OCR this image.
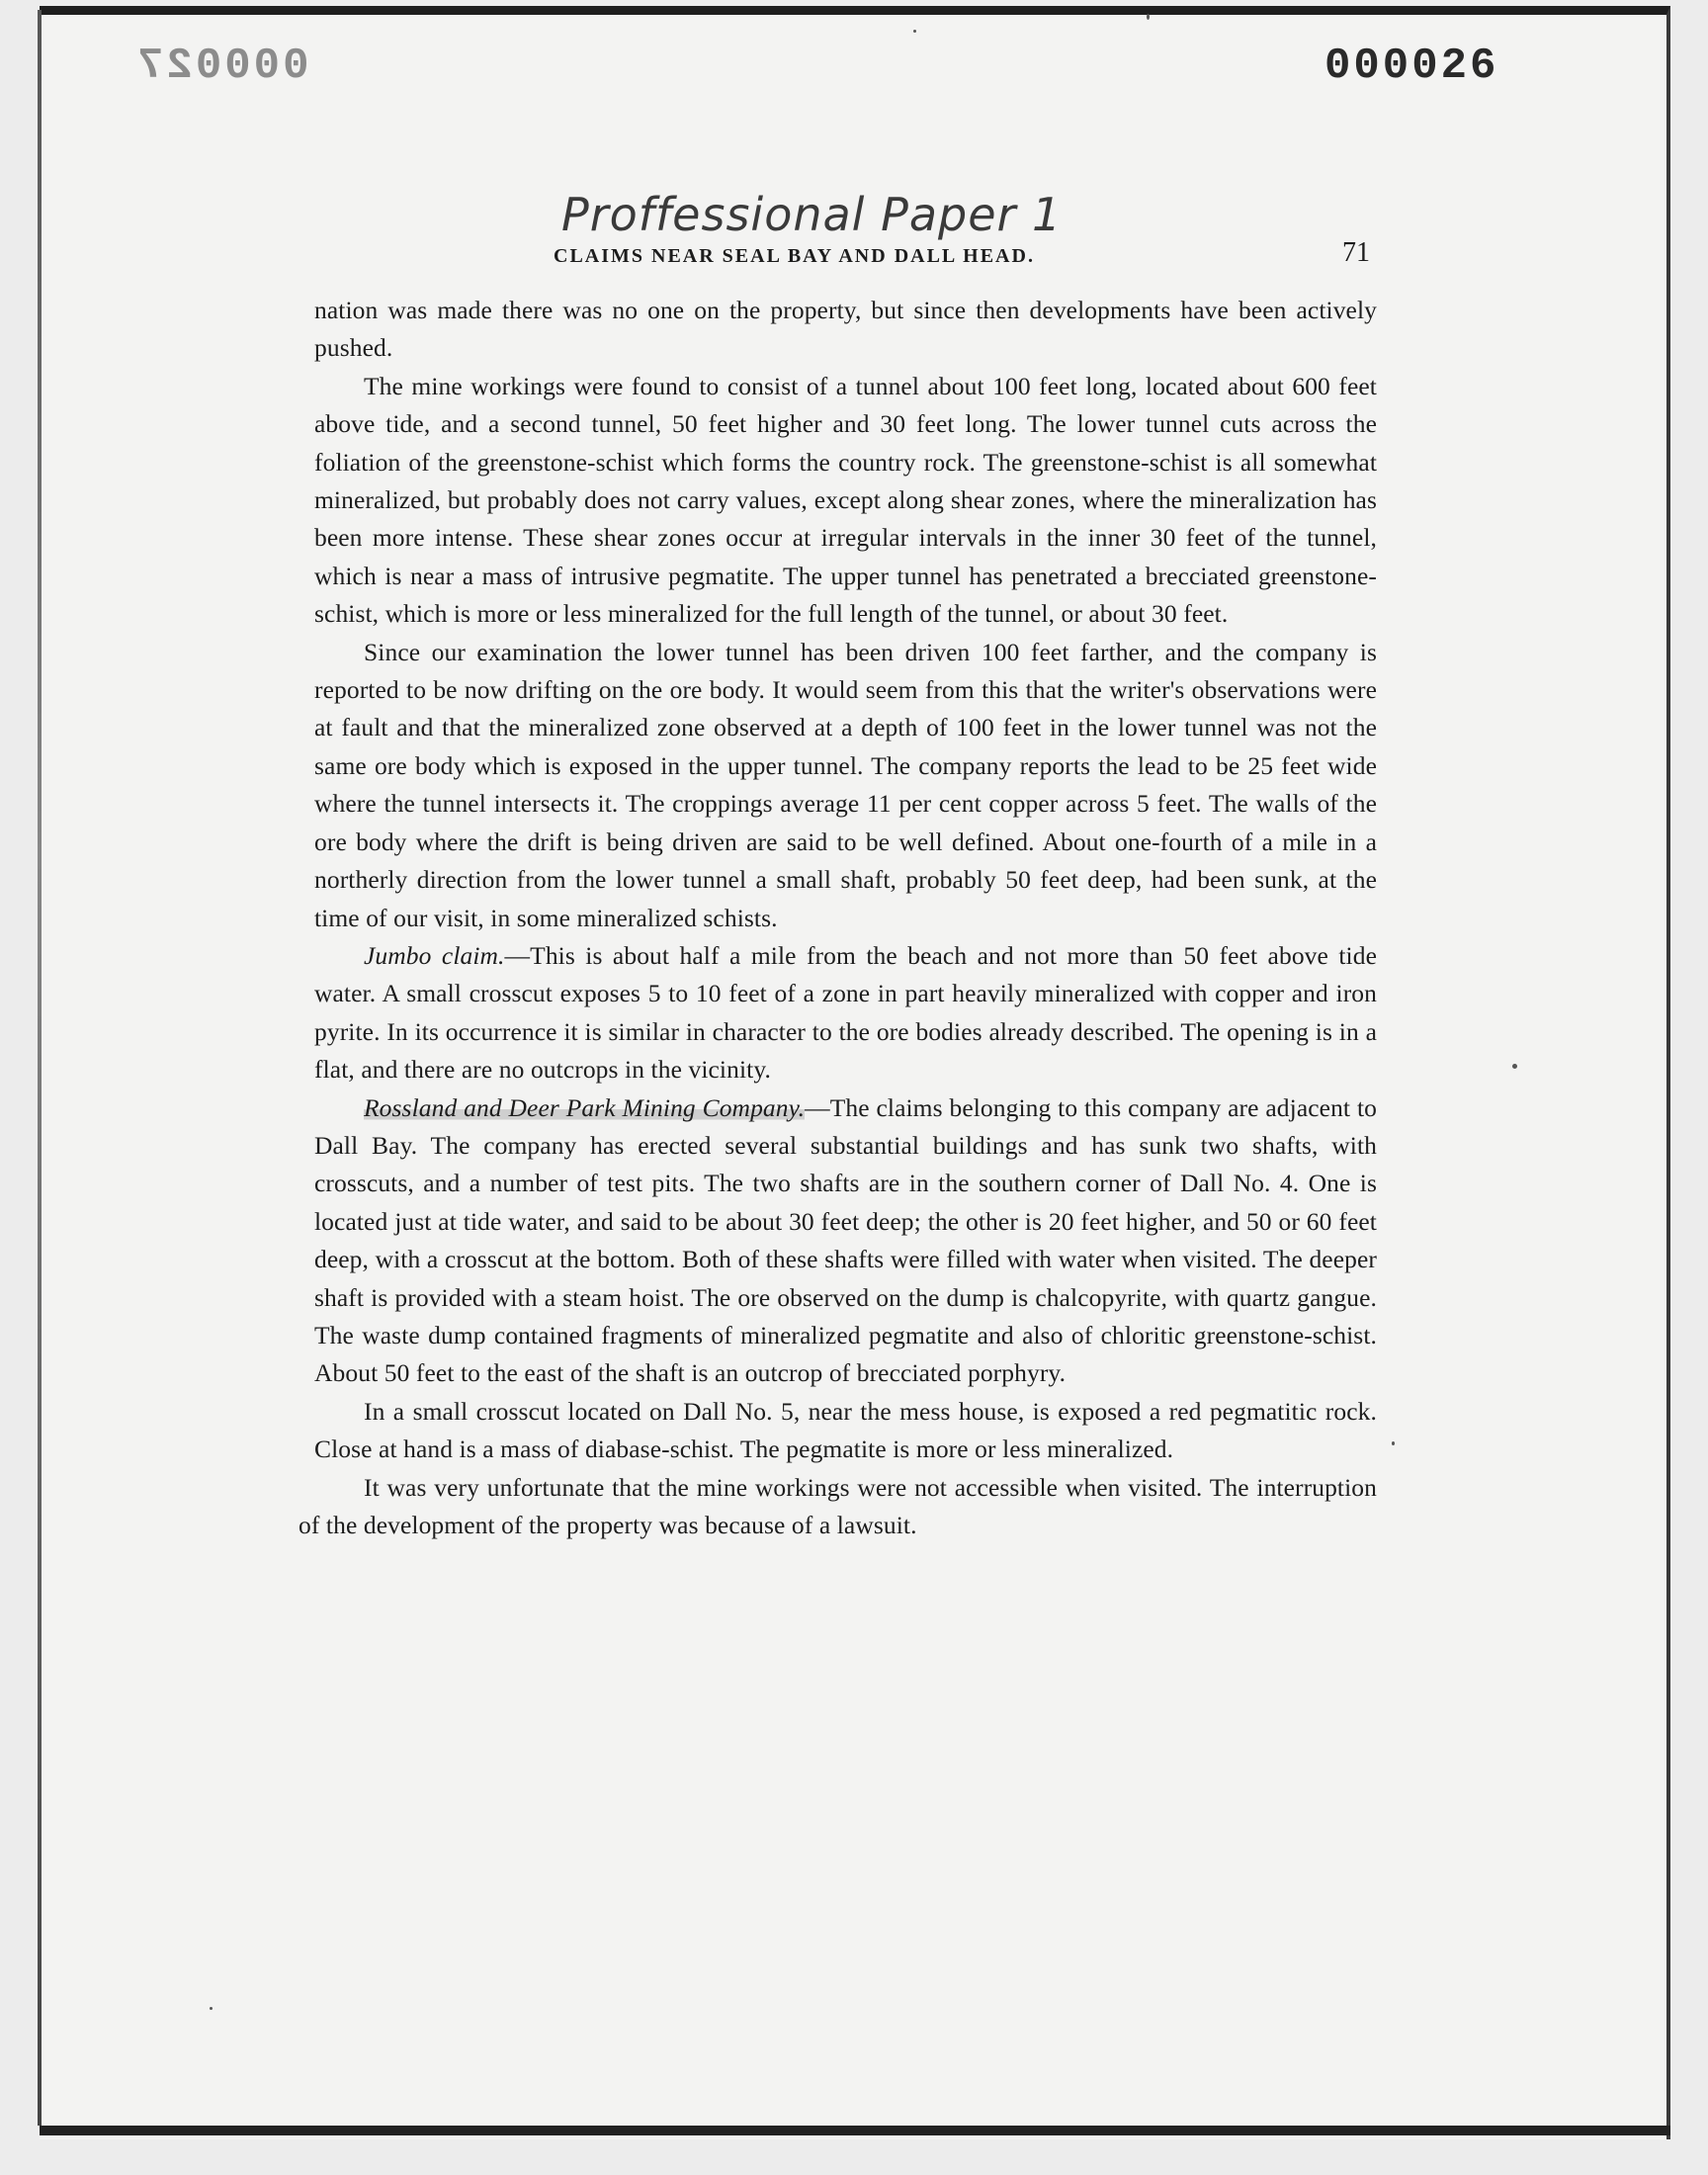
000027	000026
Proffessional Paper 1
CLAIMS NEAR SEAL BAY AND DALL HEAD.	71

nation was made there was no one on the property, but since then developments have been actively pushed.

The mine workings were found to consist of a tunnel about 100 feet long, located about 600 feet above tide, and a second tunnel, 50 feet higher and 30 feet long. The lower tunnel cuts across the foliation of the greenstone-schist which forms the country rock. The greenstone-schist is all somewhat mineralized, but probably does not carry values, except along shear zones, where the mineralization has been more intense. These shear zones occur at irregular intervals in the inner 30 feet of the tunnel, which is near a mass of intrusive pegmatite. The upper tunnel has penetrated a brecciated greenstone-schist, which is more or less mineralized for the full length of the tunnel, or about 30 feet.

Since our examination the lower tunnel has been driven 100 feet farther, and the company is reported to be now drifting on the ore body. It would seem from this that the writer's observations were at fault and that the mineralized zone observed at a depth of 100 feet in the lower tunnel was not the same ore body which is exposed in the upper tunnel. The company reports the lead to be 25 feet wide where the tunnel intersects it. The croppings average 11 per cent copper across 5 feet. The walls of the ore body where the drift is being driven are said to be well defined. About one-fourth of a mile in a northerly direction from the lower tunnel a small shaft, probably 50 feet deep, had been sunk, at the time of our visit, in some mineralized schists.

Jumbo claim.—This is about half a mile from the beach and not more than 50 feet above tide water. A small crosscut exposes 5 to 10 feet of a zone in part heavily mineralized with copper and iron pyrite. In its occurrence it is similar in character to the ore bodies already described. The opening is in a flat, and there are no outcrops in the vicinity.

Rossland and Deer Park Mining Company.—The claims belonging to this company are adjacent to Dall Bay. The company has erected several substantial buildings and has sunk two shafts, with crosscuts, and a number of test pits. The two shafts are in the southern corner of Dall No. 4. One is located just at tide water, and said to be about 30 feet deep; the other is 20 feet higher, and 50 or 60 feet deep, with a crosscut at the bottom. Both of these shafts were filled with water when visited. The deeper shaft is provided with a steam hoist. The ore observed on the dump is chalcopyrite, with quartz gangue. The waste dump contained fragments of mineralized pegmatite and also of chloritic greenstone-schist. About 50 feet to the east of the shaft is an outcrop of brecciated porphyry.

In a small crosscut located on Dall No. 5, near the mess house, is exposed a red pegmatitic rock. Close at hand is a mass of diabase-schist. The pegmatite is more or less mineralized.

It was very unfortunate that the mine workings were not accessible when visited. The interruption of the development of the property was because of a lawsuit.
